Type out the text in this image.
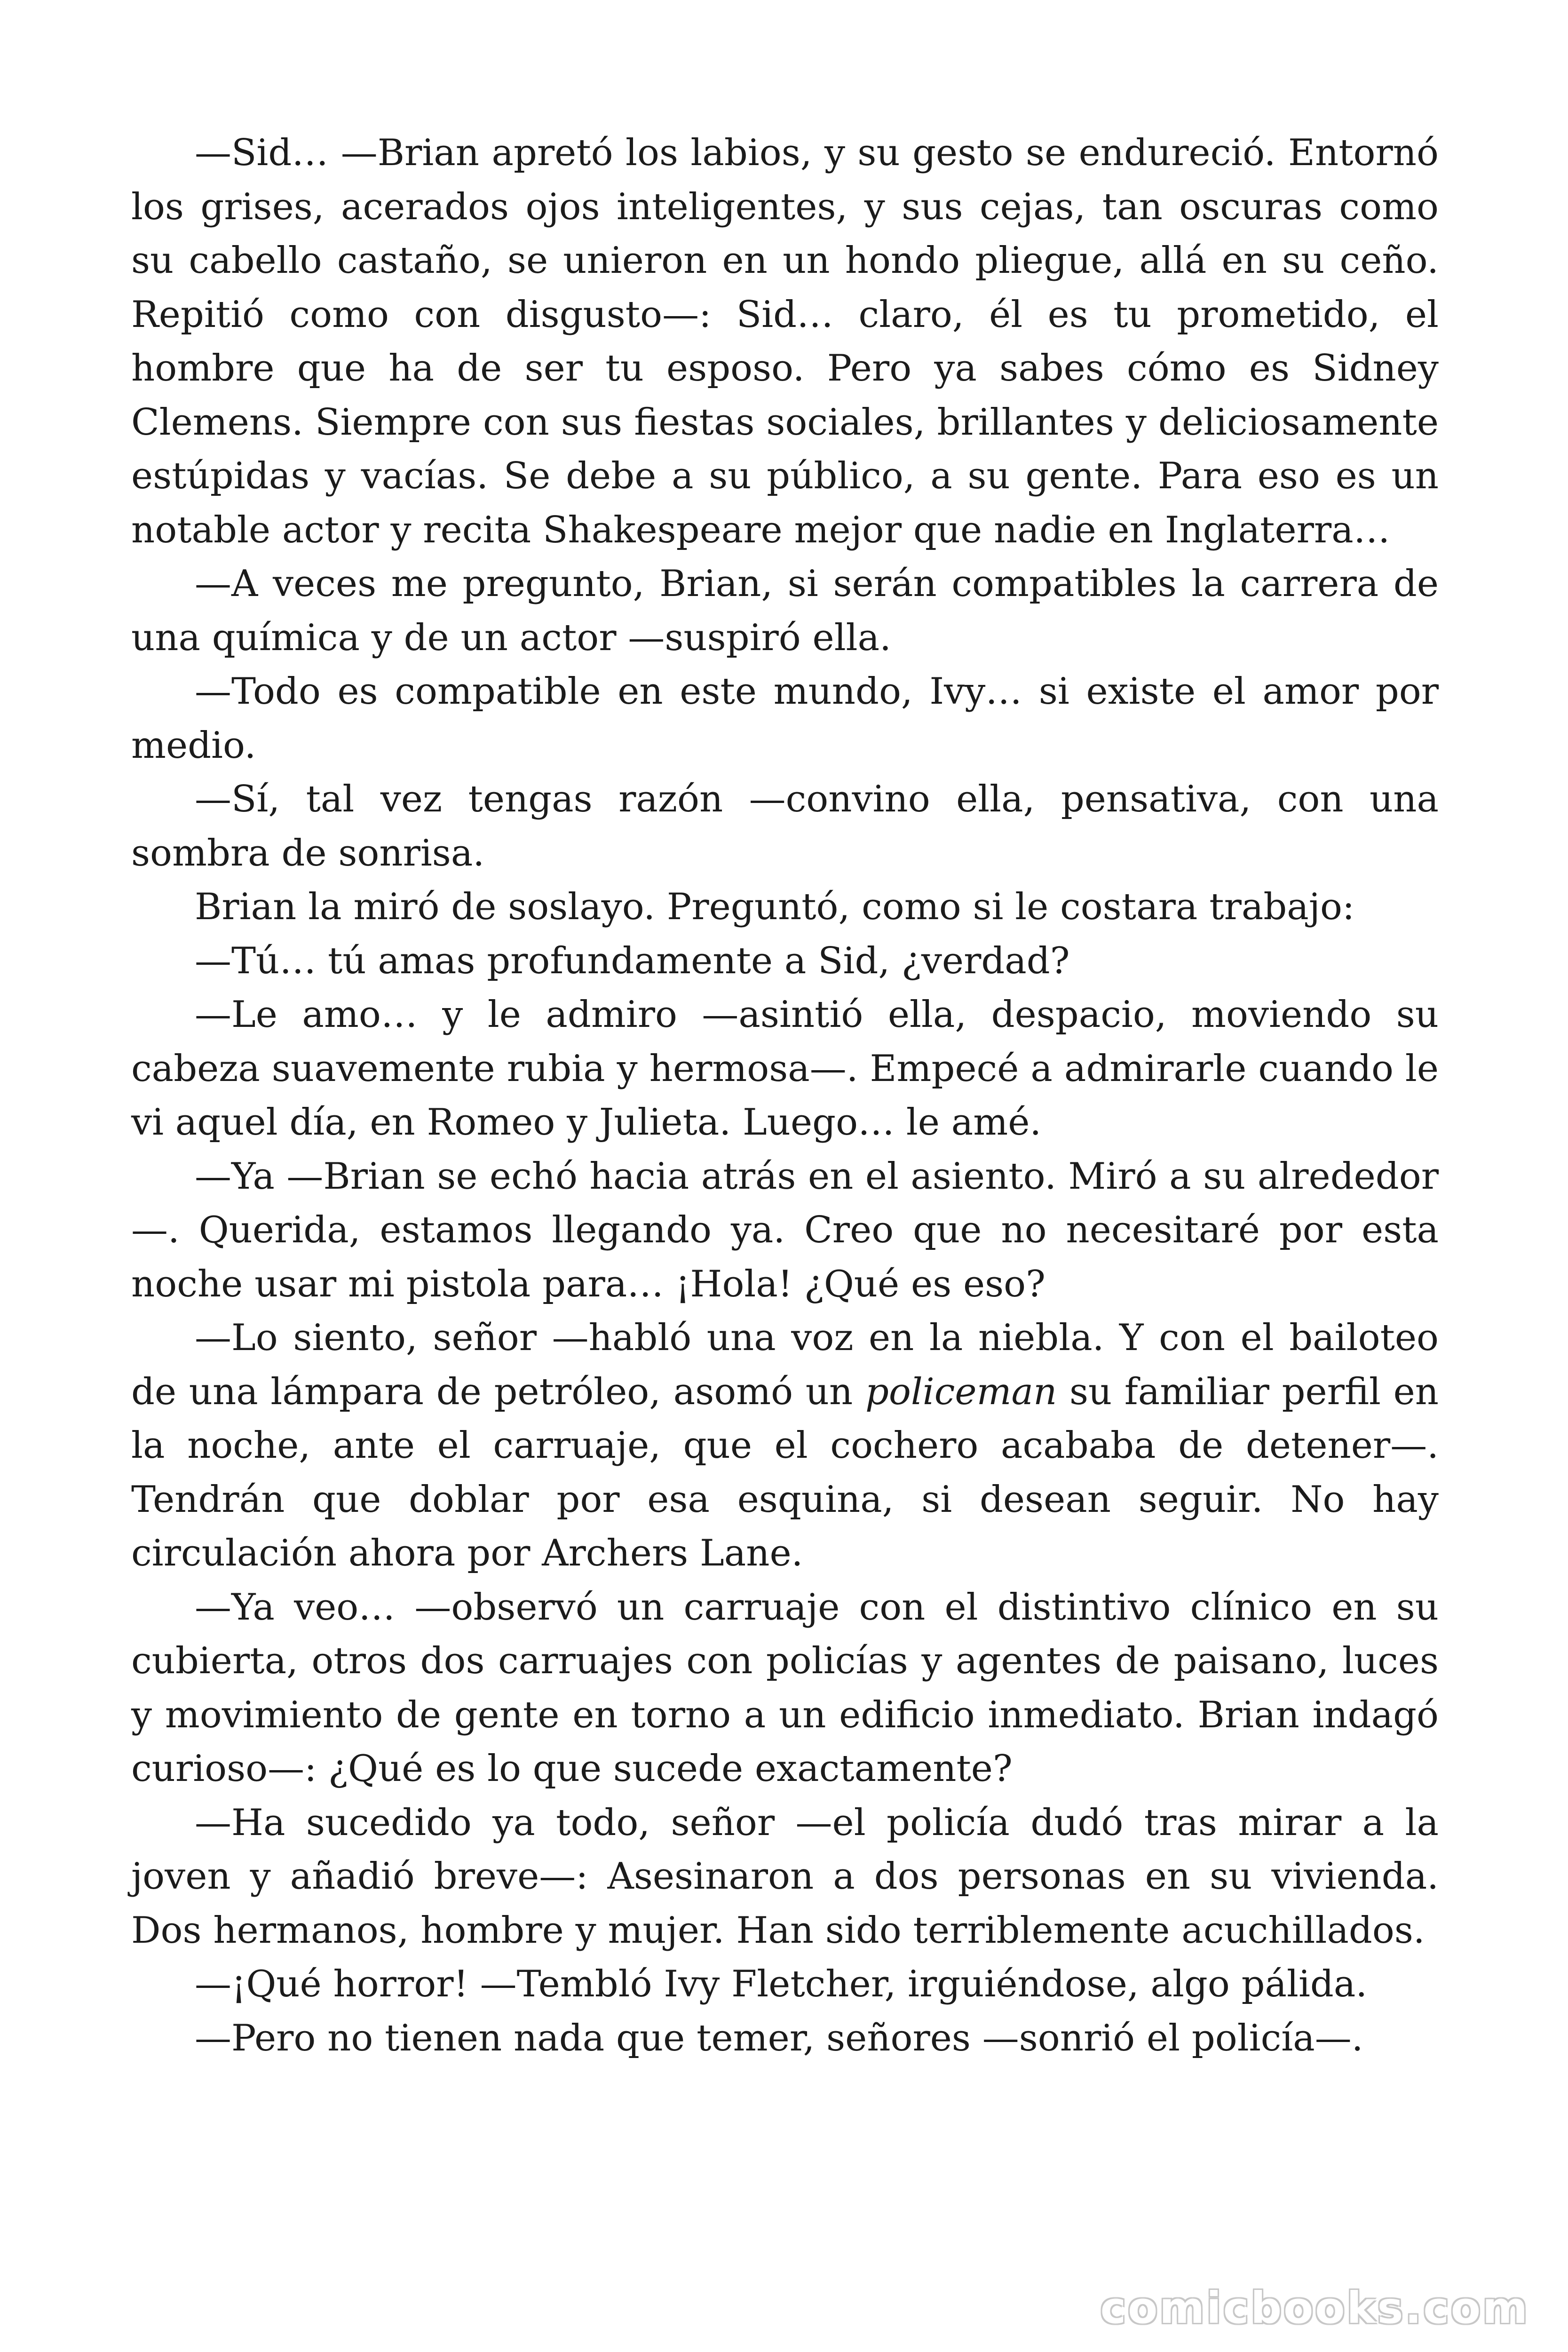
—Sid… —Brian apretó los labios, y su gesto se endureció. Entornó los grises, acerados ojos inteligentes, y sus cejas, tan oscuras como su cabello castaño, se unieron en un hondo pliegue, allá en su ceño. Repitió como con disgusto—: Sid… claro, él es tu prometido, el hombre que ha de ser tu esposo. Pero ya sabes cómo es Sidney Clemens. Siempre con sus fiestas sociales, brillantes y deliciosamente estúpidas y vacías. Se debe a su público, a su gente. Para eso es un notable actor y recita Shakespeare mejor que nadie en Inglaterra…

—A veces me pregunto, Brian, si serán compatibles la carrera de una química y de un actor —suspiró ella.

—Todo es compatible en este mundo, Ivy… si existe el amor por medio.

—Sí, tal vez tengas razón —convino ella, pensativa, con una sombra de sonrisa.

Brian la miró de soslayo. Preguntó, como si le costara trabajo:

—Tú… tú amas profundamente a Sid, ¿verdad?

—Le amo… y le admiro —asintió ella, despacio, moviendo su cabeza suavemente rubia y hermosa—. Empecé a admirarle cuando le vi aquel día, en Romeo y Julieta. Luego… le amé.

—Ya —Brian se echó hacia atrás en el asiento. Miró a su alrededor—. Querida, estamos llegando ya. Creo que no necesitaré por esta noche usar mi pistola para… ¡Hola! ¿Qué es eso?

—Lo siento, señor —habló una voz en la niebla. Y con el bailoteo de una lámpara de petróleo, asomó un policeman su familiar perfil en la noche, ante el carruaje, que el cochero acababa de detener—. Tendrán que doblar por esa esquina, si desean seguir. No hay circulación ahora por Archers Lane.

—Ya veo… —observó un carruaje con el distintivo clínico en su cubierta, otros dos carruajes con policías y agentes de paisano, luces y movimiento de gente en torno a un edificio inmediato. Brian indagó curioso—: ¿Qué es lo que sucede exactamente?

—Ha sucedido ya todo, señor —el policía dudó tras mirar a la joven y añadió breve—: Asesinaron a dos personas en su vivienda. Dos hermanos, hombre y mujer. Han sido terriblemente acuchillados.

—¡Qué horror! —Tembló Ivy Fletcher, irguiéndose, algo pálida.

—Pero no tienen nada que temer, señores —sonrió el policía—.

comicbooks.com
